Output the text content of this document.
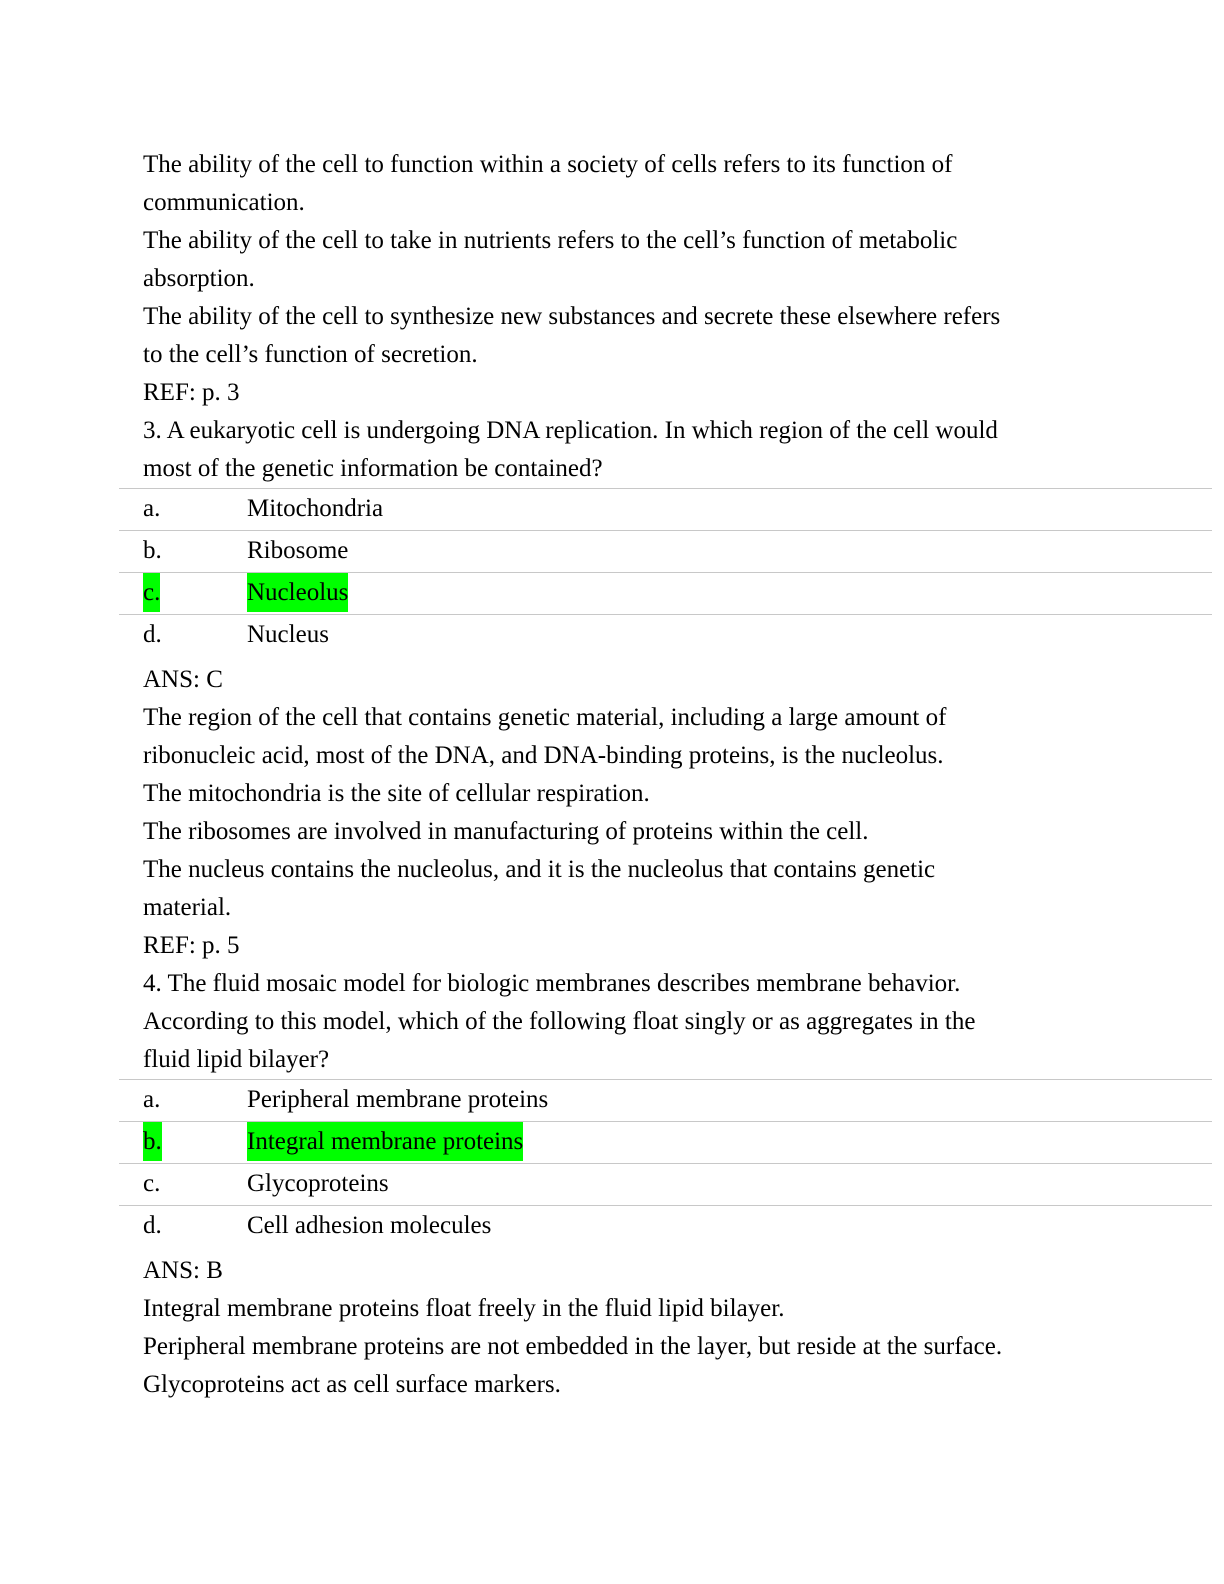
The ability of the cell to function within a society of cells refers to its function of

communication.

The ability of the cell to take in nutrients refers to the cell’s function of metabolic

absorption.

The ability of the cell to synthesize new substances and secrete these elsewhere refers

to the cell’s function of secretion.

REF: p. 3

3. A eukaryotic cell is undergoing DNA replication. In which region of the cell would

most of the genetic information be contained?

a.	Mitochondria
b.	Ribosome
c.	Nucleolus
d.	Nucleus

ANS: C

The region of the cell that contains genetic material, including a large amount of

ribonucleic acid, most of the DNA, and DNA-binding proteins, is the nucleolus.

The mitochondria is the site of cellular respiration.

The ribosomes are involved in manufacturing of proteins within the cell.

The nucleus contains the nucleolus, and it is the nucleolus that contains genetic

material.

REF: p. 5

4. The fluid mosaic model for biologic membranes describes membrane behavior.

According to this model, which of the following float singly or as aggregates in the

fluid lipid bilayer?

a.	Peripheral membrane proteins
b.	Integral membrane proteins
c.	Glycoproteins
d.	Cell adhesion molecules

ANS: B

Integral membrane proteins float freely in the fluid lipid bilayer.

Peripheral membrane proteins are not embedded in the layer, but reside at the surface.

Glycoproteins act as cell surface markers.
